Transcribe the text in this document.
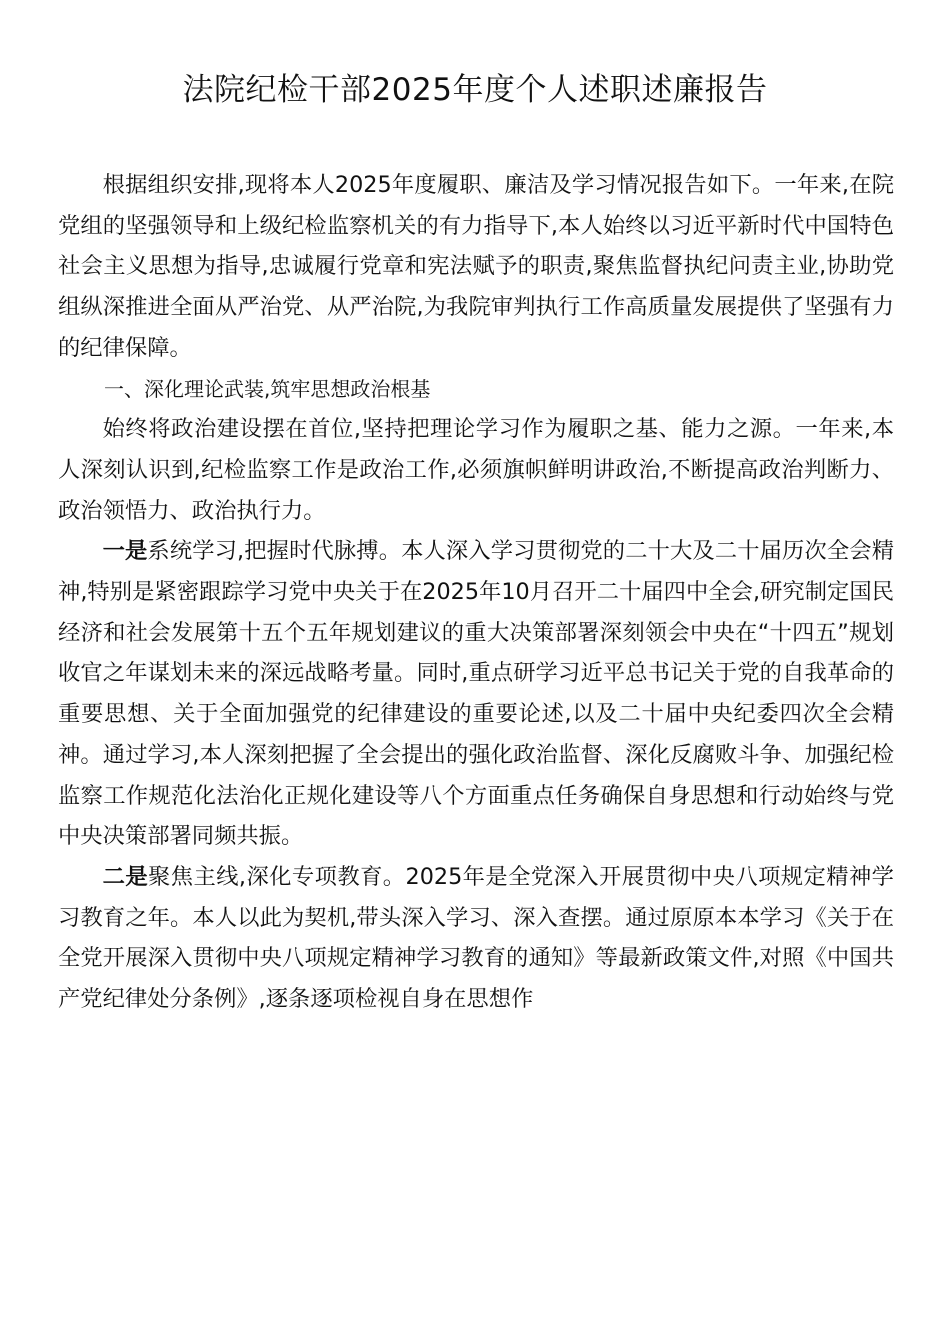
法院纪检干部2025年度个人述职述廉报告

根据组织安排,现将本人2025年度履职、廉洁及学习情况报告如下。一年来,在院党组的坚强领导和上级纪检监察机关的有力指导下,本人始终以习近平新时代中国特色社会主义思想为指导,忠诚履行党章和宪法赋予的职责,聚焦监督执纪问责主业,协助党组纵深推进全面从严治党、从严治院,为我院审判执行工作高质量发展提供了坚强有力的纪律保障。

一、深化理论武装,筑牢思想政治根基

始终将政治建设摆在首位,坚持把理论学习作为履职之基、能力之源。一年来,本人深刻认识到,纪检监察工作是政治工作,必须旗帜鲜明讲政治,不断提高政治判断力、政治领悟力、政治执行力。

一是系统学习,把握时代脉搏。本人深入学习贯彻党的二十大及二十届历次全会精神,特别是紧密跟踪学习党中央关于在2025年10月召开二十届四中全会,研究制定国民经济和社会发展第十五个五年规划建议的重大决策部署深刻领会中央在“十四五”规划收官之年谋划未来的深远战略考量。同时,重点研学习近平总书记关于党的自我革命的重要思想、关于全面加强党的纪律建设的重要论述,以及二十届中央纪委四次全会精神。通过学习,本人深刻把握了全会提出的强化政治监督、深化反腐败斗争、加强纪检监察工作规范化法治化正规化建设等八个方面重点任务确保自身思想和行动始终与党中央决策部署同频共振。

二是聚焦主线,深化专项教育。2025年是全党深入开展贯彻中央八项规定精神学习教育之年。本人以此为契机,带头深入学习、深入查摆。通过原原本本学习《关于在全党开展深入贯彻中央八项规定精神学习教育的通知》等最新政策文件,对照《中国共产党纪律处分条例》,逐条逐项检视自身在思想作
